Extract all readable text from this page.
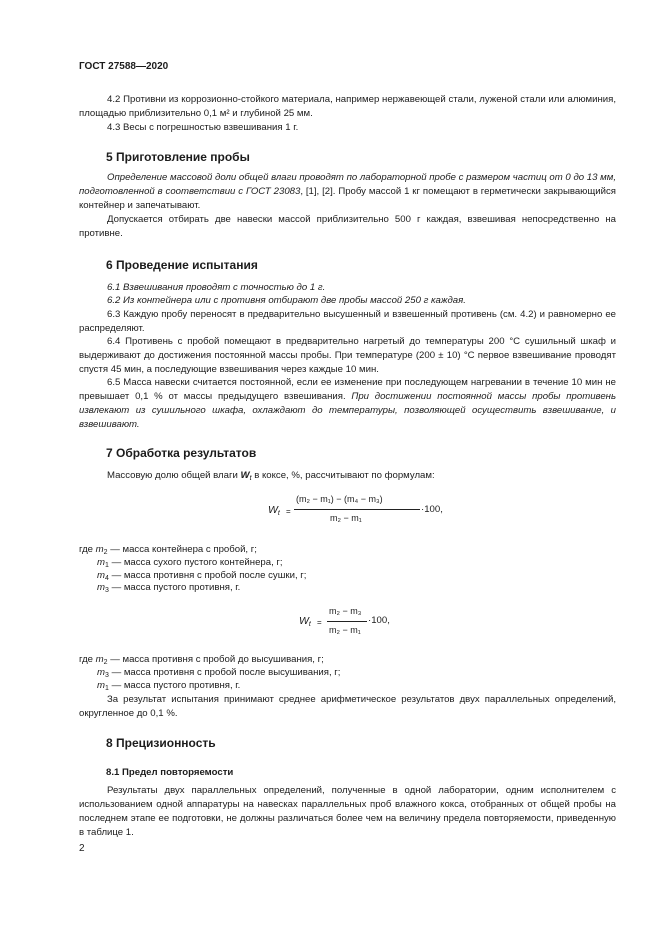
ГОСТ 27588—2020

4.2 Противни из коррозионно-стойкого материала, например нержавеющей стали, луженой стали или алюминия, площадью приблизительно 0,1 м² и глубиной 25 мм.

4.3 Весы с погрешностью взвешивания 1 г.

5 Приготовление пробы

Определение массовой доли общей влаги проводят по лабораторной пробе с размером частиц от 0 до 13 мм, подготовленной в соответствии с ГОСТ 23083, [1], [2]. Пробу массой 1 кг помещают в герметически закрывающийся контейнер и запечатывают.

Допускается отбирать две навески массой приблизительно 500 г каждая, взвешивая непосредственно на противне.

6 Проведение испытания

6.1 Взвешивания проводят с точностью до 1 г.

6.2 Из контейнера или с противня отбирают две пробы массой 250 г каждая.

6.3 Каждую пробу переносят в предварительно высушенный и взвешенный противень (см. 4.2) и равномерно ее распределяют.

6.4 Противень с пробой помещают в предварительно нагретый до температуры 200 °С сушильный шкаф и выдерживают до достижения постоянной массы пробы. При температуре (200 ± 10) °С первое взвешивание проводят спустя 45 мин, а последующие взвешивания через каждые 10 мин.

6.5 Масса навески считается постоянной, если ее изменение при последующем нагревании в течение 10 мин не превышает 0,1 % от массы предыдущего взвешивания. При достижении постоянной массы пробы противень извлекают из сушильного шкафа, охлаждают до температуры, позволяющей осуществить взвешивание, и взвешивают.

7 Обработка результатов

Массовую долю общей влаги $W_t$ в коксе, %, рассчитывают по формулам:

$W_t$ =
(m₂ − m₁) − (m₄ − m₃)
m₂ − m₁
·100,
где $m_2$ — масса контейнера с пробой, г;
$m_1$ — масса сухого пустого контейнера, г;
$m_4$ — масса противня с пробой после сушки, г;
$m_3$ — масса пустого противня, г.
$W_t$ =
m₂ − m₃
m₂ − m₁
·100,
где $m_2$ — масса противня с пробой до высушивания, г;
$m_3$ — масса противня с пробой после высушивания, г;
$m_1$ — масса пустого противня, г.

За результат испытания принимают среднее арифметическое результатов двух параллельных определений, округленное до 0,1 %.

8 Прецизионность

8.1 Предел повторяемости

Результаты двух параллельных определений, полученные в одной лаборатории, одним исполнителем с использованием одной аппаратуры на навесках параллельных проб влажного кокса, отобранных от общей пробы на последнем этапе ее подготовки, не должны различаться более чем на величину предела повторяемости, приведенную в таблице 1.

2
